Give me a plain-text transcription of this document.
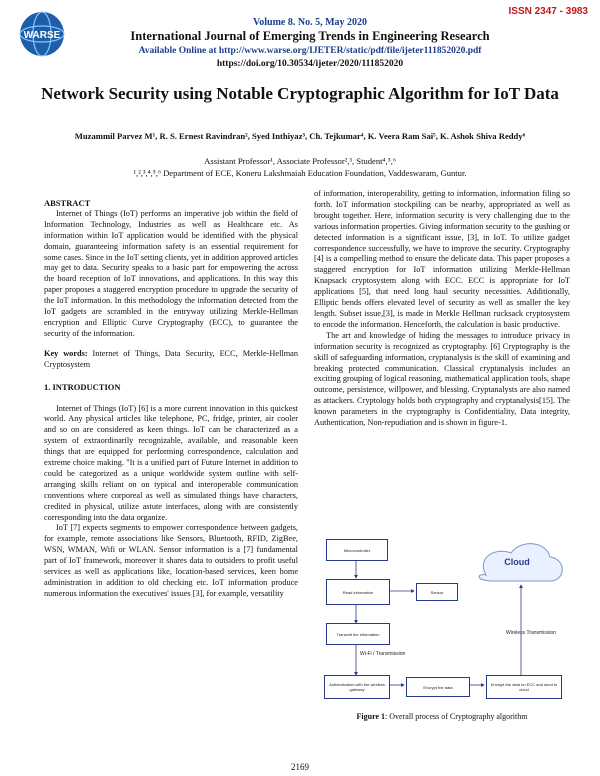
ISSN 2347 - 3983
WARSE
Volume 8. No. 5, May 2020
International Journal of Emerging Trends in Engineering Research
Available Online at http://www.warse.org/IJETER/static/pdf/file/ijeter111852020.pdf
https://doi.org/10.30534/ijeter/2020/111852020
Network Security using Notable Cryptographic Algorithm for IoT Data
Muzammil Parvez M¹, R. S. Ernest Ravindran², Syed Inthiyaz³, Ch. Tejkumar⁴, K. Veera Ram Sai⁵, K. Ashok Shiva Reddy⁶
Assistant Professor¹, Associate Professor²,³, Student⁴,⁵,⁶
¹,²,³,⁴,⁵,⁶ Department of ECE, Koneru Lakshmaiah Education Foundation, Vaddeswaram, Guntur.

ABSTRACT

Internet of Things (IoT) performs an imperative job within the field of Information Technology, Industries as well as Healthcare etc. As information within IoT application would be identified with the physical domain, guaranteeing information safety is an essential requirement for some cases. Since in the IoT setting clients, yet in addition approved articles may get to data. Security speaks to a basic part for empowering the across the board reception of IoT innovations, and applications. In this way this paper proposes a staggered encryption procedure to upgrade the security of the IoT information. In this methodology the information detected from the IoT gadgets are scrambled in the entryway utilizing Merkle-Hellman encryption and Elliptic Curve Cryptography (ECC), to guarantee the security of the information.

Key words: Internet of Things, Data Security, ECC, Merkle-Hellman Cryptosystem

1. INTRODUCTION

Internet of Things (IoT) [6] is a more current innovation in this quickest world. Any physical articles like telephone, PC, fridge, printer, air cooler and so on are considered as keen things. IoT can be characterized as a system of extraordinarily recognizable, available, and reasonable keen things that are equipped for performing correspondence, calculation and extreme choice making. "It is a unified part of Future Internet in addition to could be categorized as a unique worldwide system outline with self-arranging skills reliant on on typical and interoperable communication conventions where corporeal as well as simulated things have characters, credited in physical, utilize astute interfaces, along with are consistently corresponding into the data organize.

IoT [7] expects segments to empower correspondence between gadgets, for example, remote associations like Sensors, Bluetooth, RFID, ZigBee, WSN, WMAN, Wifi or WLAN. Sensor information is a [7] fundamental part of IoT framework, moreover it shares data to outsiders to profit useful services as well as applications like, location-based services, keen home administration in addition to old checking etc. IoT information produce numerous information the executives' issues [3], for example, versatility

of information, interoperability, getting to information, information filing so forth. IoT information stockpiling can be nearby, appropriated as well as brought together. Here, information security is very challenging due to the various information properties. Giving information security to the gushing or detected information is a significant issue, [3], in IoT. To utilize gadget correspondence successfully, we have to improve the security. Cryptography [4] is a compelling method to ensure the delicate data. This paper proposes a staggered encryption for IoT information utilizing Merkle-Hellman Knapsack cryptosystem along with ECC. ECC is appropriate for IoT applications [5], that need long haul security necessities. Additionally, Elliptic bends offers elevated level of security as well as smaller the key length. Subset issue,[3], is made in Merkle Hellman rucksack cryptosystem to encode the information. Henceforth, the calculation is basic productive.

The art and knowledge of hiding the messages to introduce privacy in information security is recognized as cryptography. [6] Cryptography is the skill of safeguarding information, cryptanalysis is the skill of examining and breaking protected communication. Classical cryptanalysis includes an exciting grouping of logical reasoning, mathematical application tools, shape outcome, persistence, willpower, and blessing. Cryptanalysts are also named as attackers. Cryptology holds both cryptography and cryptanalysis[15]. The known parameters in the cryptography is Confidentiality, Data integrity, Authentication, Non-repudiation and is shown in figure-1.

Cloud
Microcontroller
Read information	Sensor
Transmit the information
Authentication with the wireless gateway	Encrypt the data	Encrypt the data on ECC and send to cloud
Wireless Transmission
Wi-Fi / Transmission
Figure 1: Overall process of Cryptography algorithm
2169
